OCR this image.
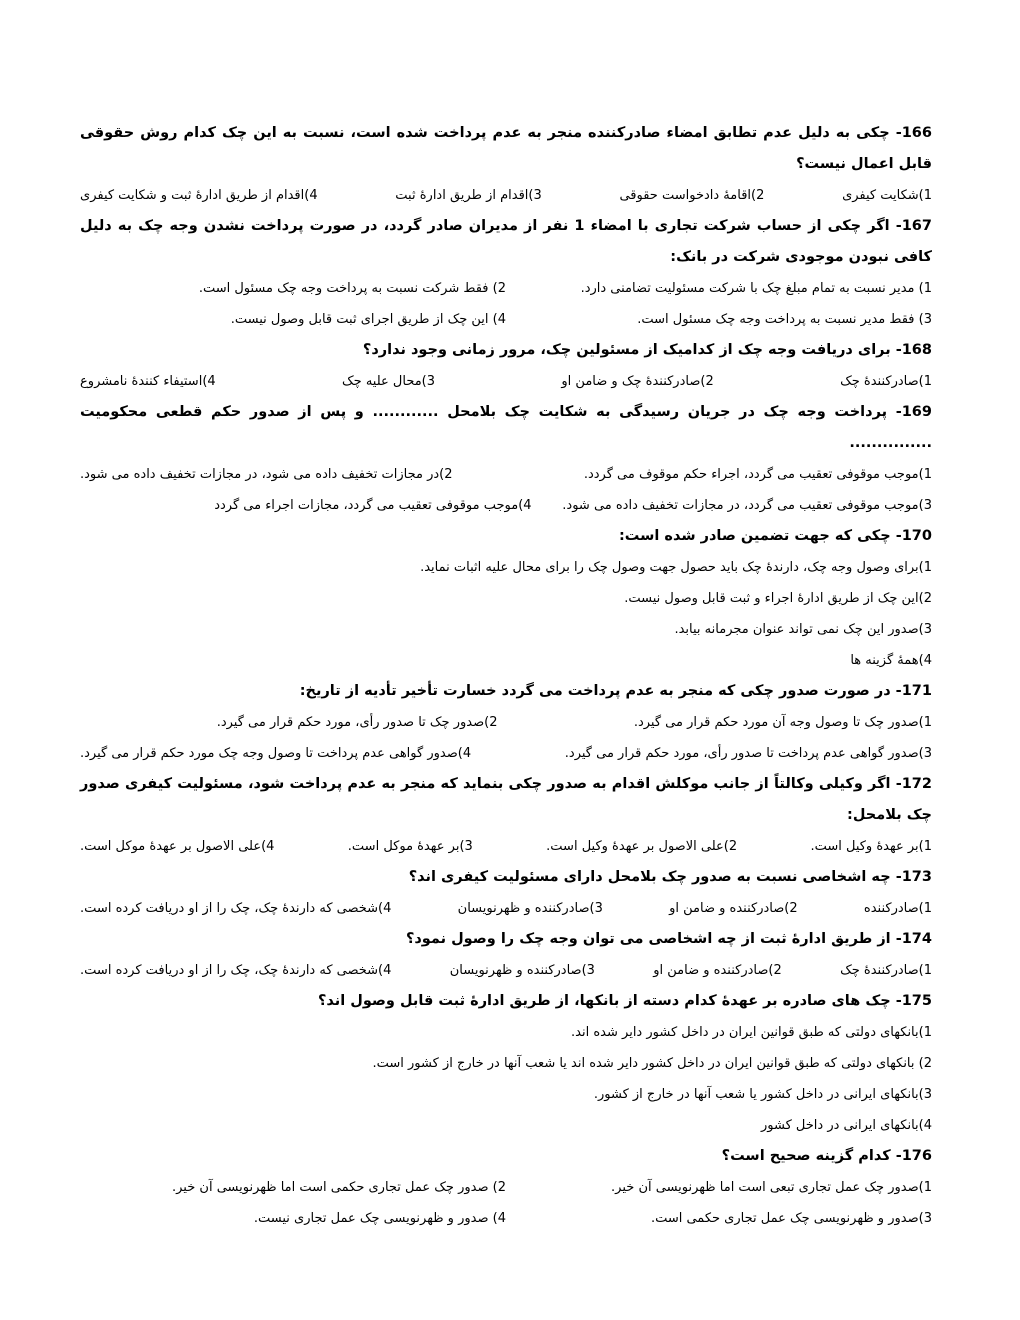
166- چکی به دلیل عدم تطابق امضاء صادرکننده منجر به عدم پرداخت شده است، نسبت به این چک کدام روش حقوقی قابل اعمال نیست؟

1)شکایت کیفری
2)اقامهٔ دادخواست حقوقی
3)اقدام از طریق ادارهٔ ثبت
4)اقدام از طریق ادارهٔ ثبت و شکایت کیفری

167- اگر چکی از حساب شرکت تجاری با امضاء 1 نفر از مدیران صادر گردد، در صورت پرداخت نشدن وجه چک به دلیل کافی نبودن موجودی شرکت در بانک:

1) مدیر نسبت به تمام مبلغ چک با شرکت مسئولیت تضامنی دارد.
2) فقط شرکت نسبت به پرداخت وجه چک مسئول است.
3) فقط مدیر نسبت به پرداخت وجه چک مسئول است.
4) این چک از طریق اجرای ثبت قابل وصول نیست.

168- برای دریافت وجه چک از کدامیک از مسئولین چک، مرور زمانی وجود ندارد؟

1)صادرکنندهٔ چک
2)صادرکنندهٔ چک و ضامن او
3)محال علیه چک
4)استیفاء کنندهٔ نامشروع

169- پرداخت وجه چک در جریان رسیدگی به شکایت چک بلامحل ............ و پس از صدور حکم قطعی محکومیت ...............

1)موجب موقوفی تعقیب می گردد، اجراء حکم موقوف می گردد.
2)در مجازات تخفیف داده می شود، در مجازات تخفیف داده می شود.
3)موجب موقوفی تعقیب می گردد، در مجازات تخفیف داده می شود.
4)موجب موقوفی تعقیب می گردد، مجازات اجراء می گردد

170- چکی که جهت تضمین صادر شده است:

1)برای وصول وجه چک، دارندهٔ چک باید حصول جهت وصول چک را برای محال علیه اثبات نماید.
2)این چک از طریق ادارهٔ اجراء و ثبت قابل وصول نیست.
3)صدور این چک نمی تواند عنوان مجرمانه بیابد.
4)همهٔ گزینه ها

171- در صورت صدور چکی که منجر به عدم پرداخت می گردد خسارت تأخیر تأدیه از تاریخ:

1)صدور چک تا وصول وجه آن مورد حکم قرار می گیرد.
2)صدور چک تا صدور رأی، مورد حکم قرار می گیرد.
3)صدور گواهی عدم پرداخت تا صدور رأی، مورد حکم قرار می گیرد.
4)صدور گواهی عدم پرداخت تا وصول وجه چک مورد حکم قرار می گیرد.

172- اگر وکیلی وکالتاً از جانب موکلش اقدام به صدور چکی بنماید که منجر به عدم پرداخت شود، مسئولیت کیفری صدور چک بلامحل:

1)بر عهدهٔ وکیل است.
2)علی الاصول بر عهدهٔ وکیل است.
3)بر عهدهٔ موکل است.
4)علی الاصول بر عهدهٔ موکل است.

173- چه اشخاصی نسبت به صدور چک بلامحل دارای مسئولیت کیفری اند؟

1)صادرکننده
2)صادرکننده و ضامن او
3)صادرکننده و ظهرنویسان
4)شخصی که دارندهٔ چک، چک را از او دریافت کرده است.

174- از طریق ادارهٔ ثبت از چه اشخاصی می توان وجه چک را وصول نمود؟

1)صادرکنندهٔ چک
2)صادرکننده و ضامن او
3)صادرکننده و ظهرنویسان
4)شخصی که دارندهٔ چک، چک را از او دریافت کرده است.

175- چک های صادره بر عهدهٔ کدام دسته از بانکها، از طریق ادارهٔ ثبت قابل وصول اند؟

1)بانکهای دولتی که طبق قوانین ایران در داخل کشور دایر شده اند.
2) بانکهای دولتی که طبق قوانین ایران در داخل کشور دایر شده اند یا شعب آنها در خارج از کشور است.
3)بانکهای ایرانی در داخل کشور یا شعب آنها در خارج از کشور.
4)بانکهای ایرانی در داخل کشور

176- کدام گزینه صحیح است؟

1)صدور چک عمل تجاری تبعی است اما ظهرنویسی آن خیر.
2) صدور چک عمل تجاری حکمی است اما ظهرنویسی آن خیر.
3)صدور و ظهرنویسی چک عمل تجاری حکمی است.
4) صدور و ظهرنویسی چک عمل تجاری نیست.
